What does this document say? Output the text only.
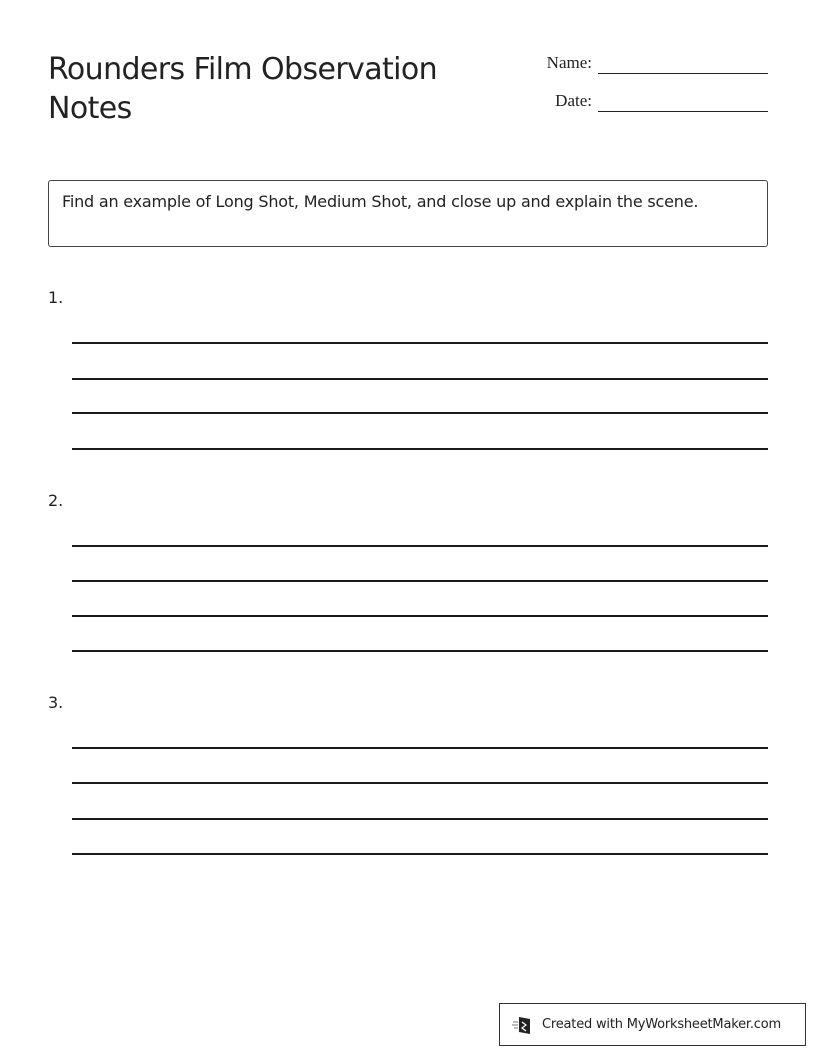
Rounders Film Observation Notes
Name:
Date:
Find an example of Long Shot, Medium Shot, and close up and explain the scene.
1.
2.
3.
Created with MyWorksheetMaker.com
